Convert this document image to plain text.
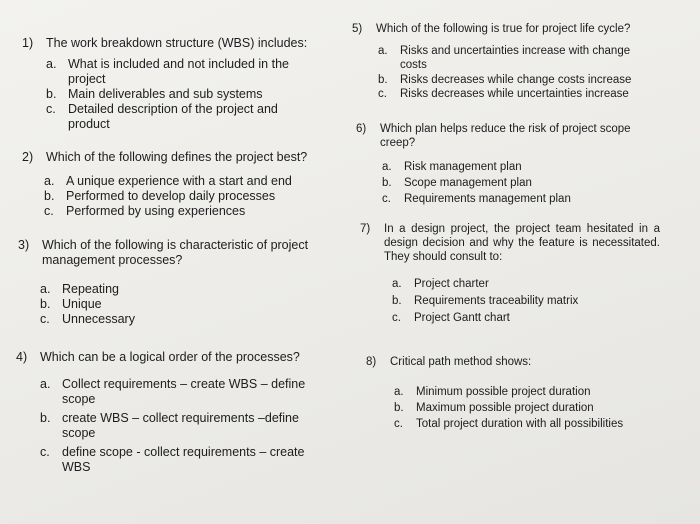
1)	The work breakdown structure (WBS) includes:
a. What is included and not included in the project
b. Main deliverables and sub systems
c. Detailed description of the project and product
2)	Which of the following defines the project best?
a. A unique experience with a start and end
b. Performed to develop daily processes
c. Performed by using experiences
3)	Which of the following is characteristic of project management processes?
a. Repeating
b. Unique
c. Unnecessary
4)	Which can be a logical order of the processes?
a. Collect requirements – create WBS – define scope
b. create WBS – collect requirements –define scope
c. define scope - collect requirements – create WBS
5)	Which of the following is true for project life cycle?
a.	Risks and uncertainties increase with change costs
b.	Risks decreases while change costs increase
c.	Risks decreases while uncertainties increase
6)	Which plan helps reduce the risk of project scope creep?
a.	Risk management plan
b.	Scope management plan
c.	Requirements management plan
7)	In a design project, the project team hesitated in a design decision and why the feature is necessitated. They should consult to:
a.	Project charter
b.	Requirements traceability matrix
c.	Project Gantt chart
8)	Critical path method shows:
a.	Minimum possible project duration
b.	Maximum possible project duration
c.	Total project duration with all possibilities
